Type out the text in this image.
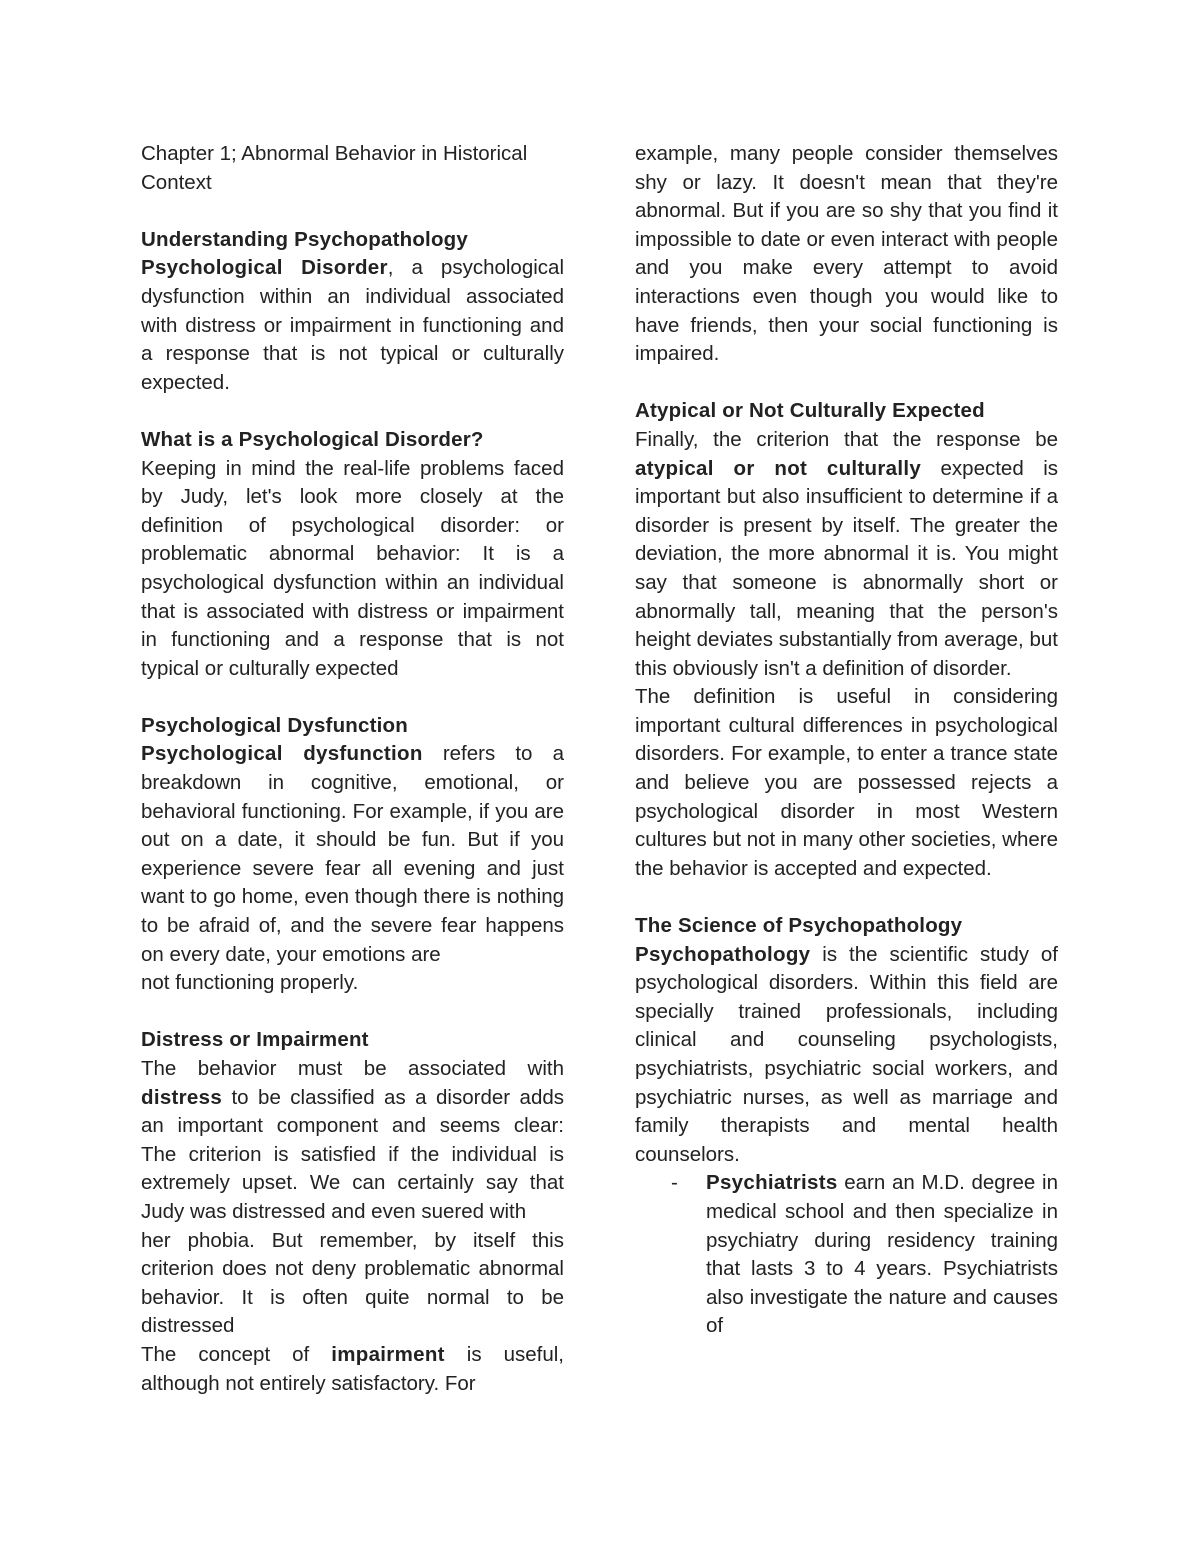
Chapter 1; Abnormal Behavior in Historical Context
Understanding Psychopathology

Psychological Disorder, a psychological dysfunction within an individual associated with distress or impairment in functioning and a response that is not typical or culturally expected.

What is a Psychological Disorder?

Keeping in mind the real-life problems faced by Judy, let's look more closely at the definition of psychological disorder: or problematic abnormal behavior: It is a psychological dysfunction within an individual that is associated with distress or impairment in functioning and a response that is not typical or culturally expected

Psychological Dysfunction

Psychological dysfunction refers to a breakdown in cognitive, emotional, or behavioral functioning. For example, if you are out on a date, it should be fun. But if you experience severe fear all evening and just want to go home, even though there is nothing to be afraid of, and the severe fear happens on every date, your emotions are

not functioning properly.

Distress or Impairment

The behavior must be associated with distress to be classified as a disorder adds an important component and seems clear: The criterion is satisfied if the individual is extremely upset. We can certainly say that Judy was distressed and even suered with

her phobia. But remember, by itself this criterion does not deny problematic abnormal behavior. It is often quite normal to be distressed

The concept of impairment is useful, although not entirely satisfactory. For

example, many people consider themselves shy or lazy. It doesn't mean that they're abnormal. But if you are so shy that you find it impossible to date or even interact with people and you make every attempt to avoid interactions even though you would like to have friends, then your social functioning is impaired.

Atypical or Not Culturally Expected

Finally, the criterion that the response be atypical or not culturally expected is important but also insufficient to determine if a disorder is present by itself. The greater the deviation, the more abnormal it is. You might say that someone is abnormally short or abnormally tall, meaning that the person's height deviates substantially from average, but this obviously isn't a definition of disorder.

The definition is useful in considering important cultural differences in psychological disorders. For example, to enter a trance state and believe you are possessed rejects a psychological disorder in most Western cultures but not in many other societies, where the behavior is accepted and expected.

The Science of Psychopathology

Psychopathology is the scientific study of psychological disorders. Within this field are specially trained professionals, including clinical and counseling psychologists, psychiatrists, psychiatric social workers, and psychiatric nurses, as well as marriage and family therapists and mental health counselors.

- Psychiatrists earn an M.D. degree in medical school and then specialize in psychiatry during residency training that lasts 3 to 4 years. Psychiatrists also investigate the nature and causes of
